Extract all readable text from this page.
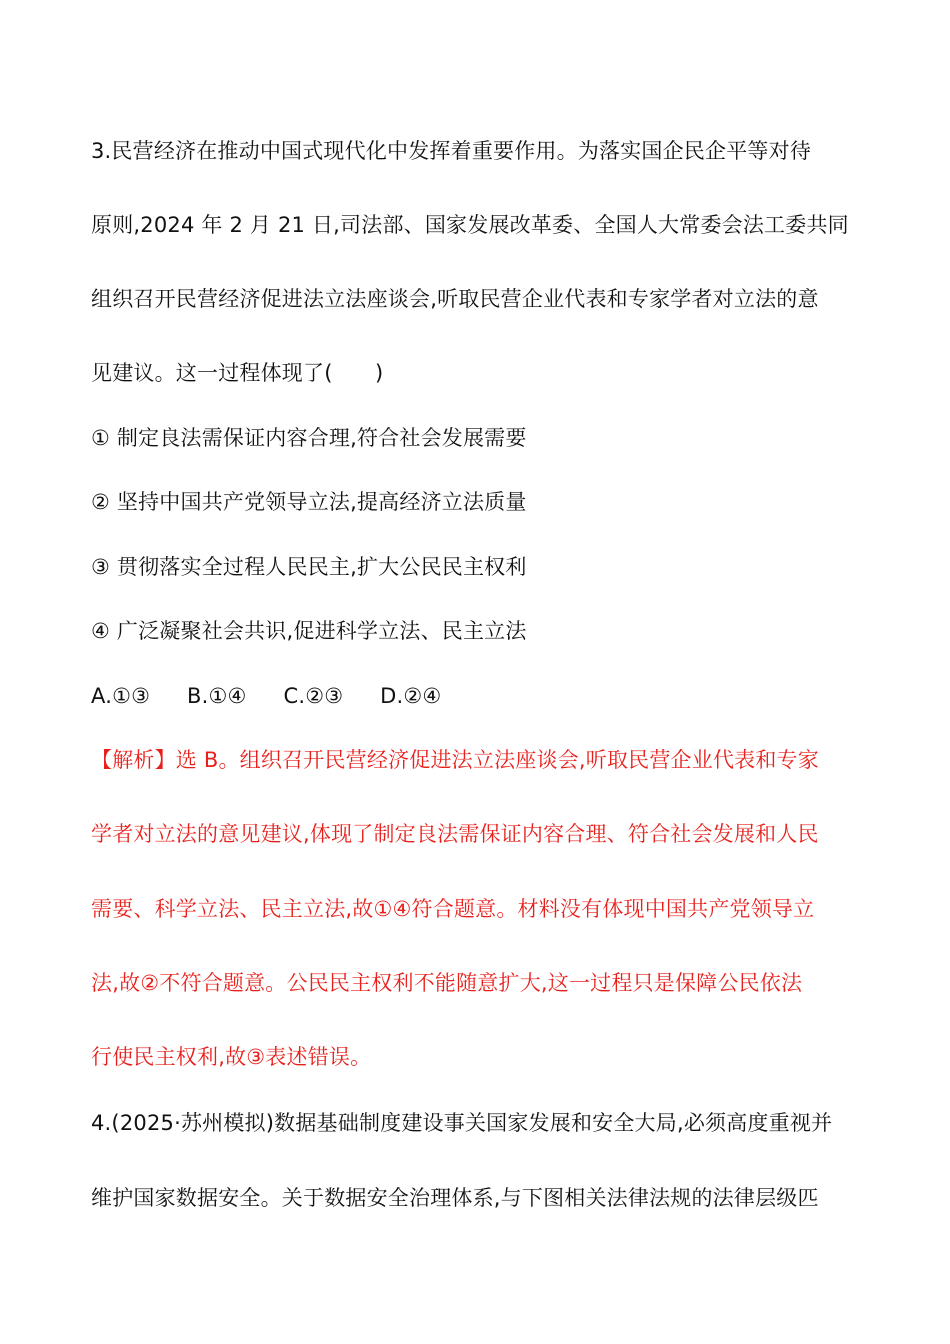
3.民营经济在推动中国式现代化中发挥着重要作用。为落实国企民企平等对待
原则,2024 年 2 月 21 日,司法部、国家发展改革委、全国人大常委会法工委共同
组织召开民营经济促进法立法座谈会,听取民营企业代表和专家学者对立法的意
见建议。这一过程体现了(　　)
① 制定良法需保证内容合理,符合社会发展需要
② 坚持中国共产党领导立法,提高经济立法质量
③ 贯彻落实全过程人民民主,扩大公民民主权利
④ 广泛凝聚社会共识,促进科学立法、民主立法
A.①③ B.①④ C.②③ D.②④
【解析】选 B。组织召开民营经济促进法立法座谈会,听取民营企业代表和专家
学者对立法的意见建议,体现了制定良法需保证内容合理、符合社会发展和人民
需要、科学立法、民主立法,故①④符合题意。材料没有体现中国共产党领导立
法,故②不符合题意。公民民主权利不能随意扩大,这一过程只是保障公民依法
行使民主权利,故③表述错误。
4.(2025·苏州模拟)数据基础制度建设事关国家发展和安全大局,必须高度重视并
维护国家数据安全。关于数据安全治理体系,与下图相关法律法规的法律层级匹
